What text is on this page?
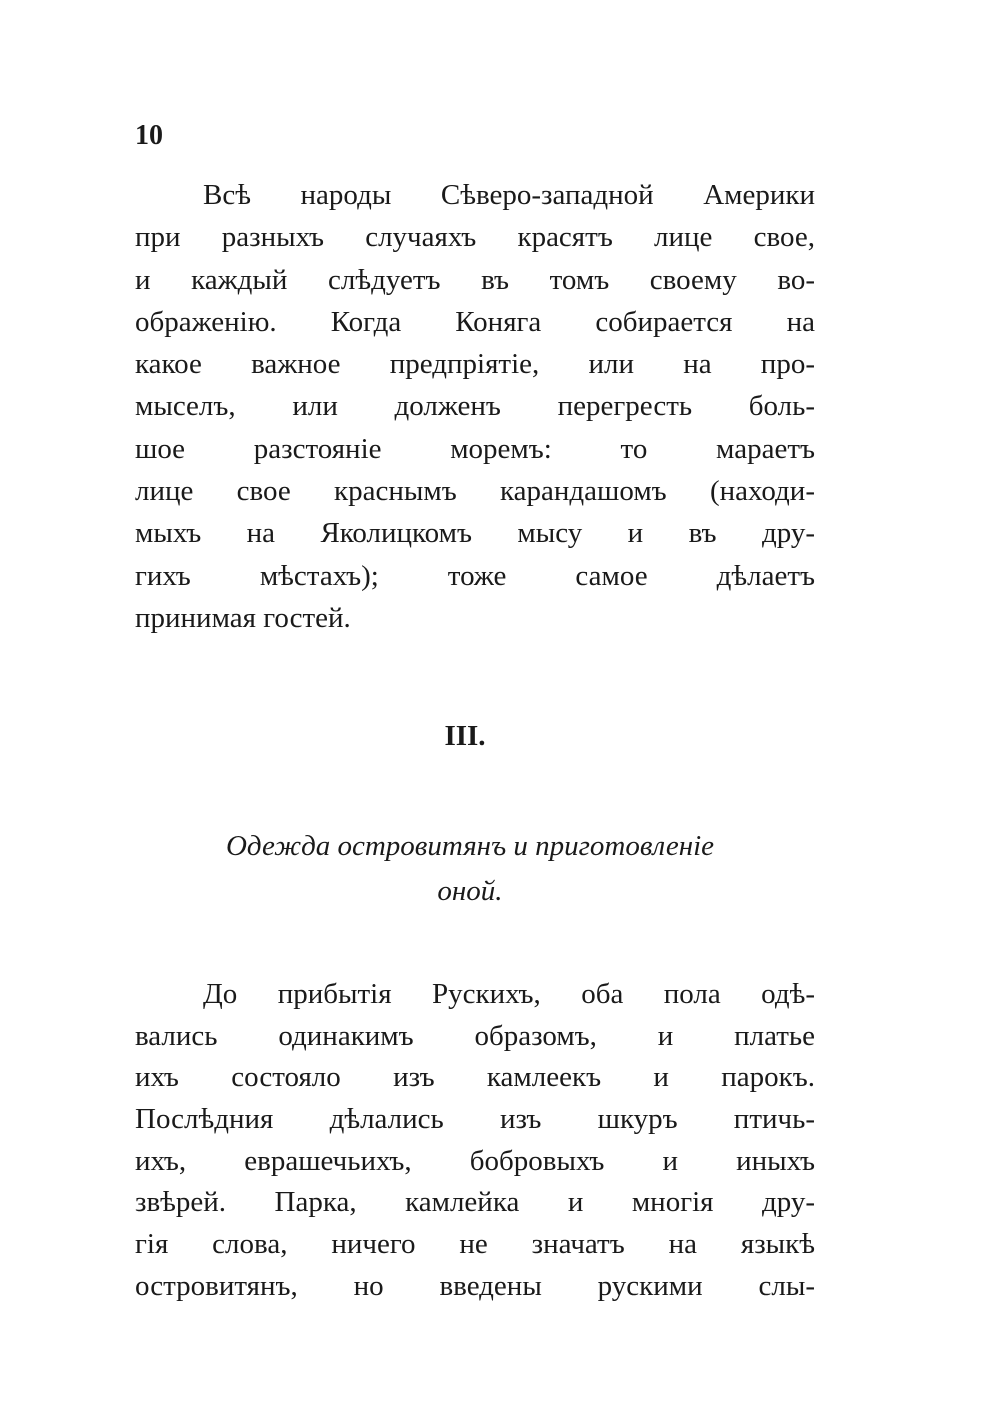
10
Всѣ народы Сѣверо-западной Америки
при разныхъ случаяхъ красятъ лице свое,
и каждый слѣдуетъ въ томъ своему во-
ображенію. Когда Коняга собирается на
какое важное предпріятіе, или на про-
мыселъ, или долженъ перегресть боль-
шое разстояніе моремъ: то мараетъ
лице свое краснымъ карандашомъ (находи-
мыхъ на Яколицкомъ мысу и въ дру-
гихъ мѣстахъ); тоже самое дѣлаетъ
принимая гостей.
III.
Одежда островитянъ и приготовленіе
оной.
До прибытія Рускихъ, оба пола одѣ-
вались одинакимъ образомъ, и платье
ихъ состояло изъ камлеекъ и парокъ.
Послѣдния дѣлались изъ шкуръ птичь-
ихъ, еврашечьихъ, бобровыхъ и иныхъ
звѣрей. Парка, камлейка и многія дру-
гія слова, ничего не значатъ на языкѣ
островитянъ, но введены рускими слы-
